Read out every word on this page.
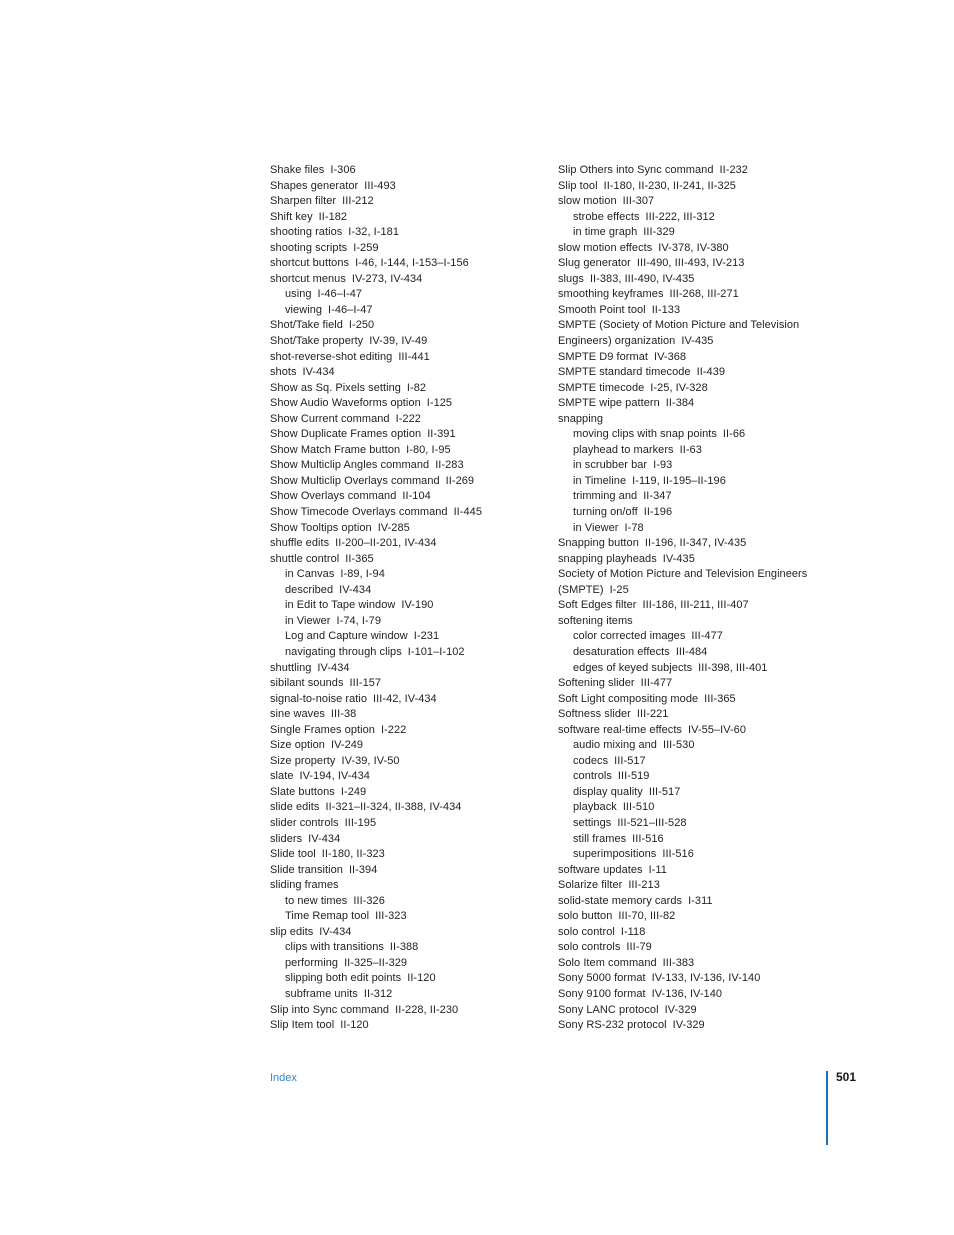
Shake files I-306
Shapes generator III-493
Sharpen filter III-212
Shift key II-182
shooting ratios I-32, I-181
shooting scripts I-259
shortcut buttons I-46, I-144, I-153–I-156
shortcut menus IV-273, IV-434
using I-46–I-47
viewing I-46–I-47
Shot/Take field I-250
Shot/Take property IV-39, IV-49
shot-reverse-shot editing III-441
shots IV-434
Show as Sq. Pixels setting I-82
Show Audio Waveforms option I-125
Show Current command I-222
Show Duplicate Frames option II-391
Show Match Frame button I-80, I-95
Show Multiclip Angles command II-283
Show Multiclip Overlays command II-269
Show Overlays command II-104
Show Timecode Overlays command II-445
Show Tooltips option IV-285
shuffle edits II-200–II-201, IV-434
shuttle control II-365
in Canvas I-89, I-94
described IV-434
in Edit to Tape window IV-190
in Viewer I-74, I-79
Log and Capture window I-231
navigating through clips I-101–I-102
shuttling IV-434
sibilant sounds III-157
signal-to-noise ratio III-42, IV-434
sine waves III-38
Single Frames option I-222
Size option IV-249
Size property IV-39, IV-50
slate IV-194, IV-434
Slate buttons I-249
slide edits II-321–II-324, II-388, IV-434
slider controls III-195
sliders IV-434
Slide tool II-180, II-323
Slide transition II-394
sliding frames
to new times III-326
Time Remap tool III-323
slip edits IV-434
clips with transitions II-388
performing II-325–II-329
slipping both edit points II-120
subframe units II-312
Slip into Sync command II-228, II-230
Slip Item tool II-120
Slip Others into Sync command II-232
Slip tool II-180, II-230, II-241, II-325
slow motion III-307
strobe effects III-222, III-312
in time graph III-329
slow motion effects IV-378, IV-380
Slug generator III-490, III-493, IV-213
slugs II-383, III-490, IV-435
smoothing keyframes III-268, III-271
Smooth Point tool II-133
SMPTE (Society of Motion Picture and Television
Engineers) organization IV-435
SMPTE D9 format IV-368
SMPTE standard timecode II-439
SMPTE timecode I-25, IV-328
SMPTE wipe pattern II-384
snapping
moving clips with snap points II-66
playhead to markers II-63
in scrubber bar I-93
in Timeline I-119, II-195–II-196
trimming and II-347
turning on/off II-196
in Viewer I-78
Snapping button II-196, II-347, IV-435
snapping playheads IV-435
Society of Motion Picture and Television Engineers
(SMPTE) I-25
Soft Edges filter III-186, III-211, III-407
softening items
color corrected images III-477
desaturation effects III-484
edges of keyed subjects III-398, III-401
Softening slider III-477
Soft Light compositing mode III-365
Softness slider III-221
software real-time effects IV-55–IV-60
audio mixing and III-530
codecs III-517
controls III-519
display quality III-517
playback III-510
settings III-521–III-528
still frames III-516
superimpositions III-516
software updates I-11
Solarize filter III-213
solid-state memory cards I-311
solo button III-70, III-82
solo control I-118
solo controls III-79
Solo Item command III-383
Sony 5000 format IV-133, IV-136, IV-140
Sony 9100 format IV-136, IV-140
Sony LANC protocol IV-329
Sony RS-232 protocol IV-329
Index	501
